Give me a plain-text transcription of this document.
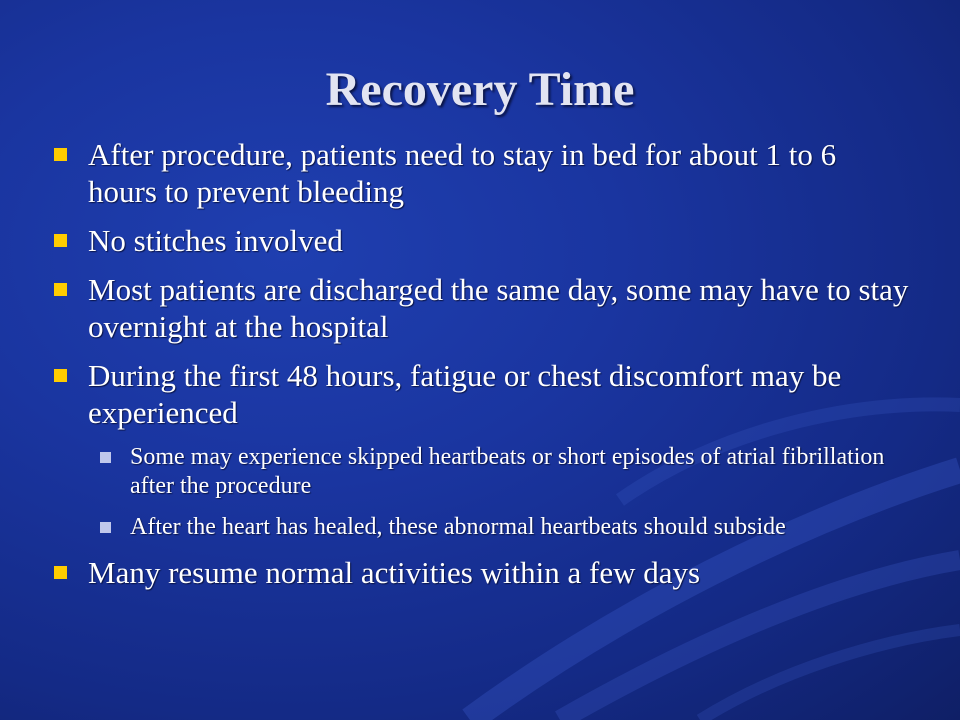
Recovery Time
After procedure, patients need to stay in bed for about 1 to 6 hours to prevent bleeding
No stitches involved
Most patients are discharged the same day, some may have to stay overnight at the hospital
During the first 48 hours, fatigue or chest discomfort may be experienced
Some may experience skipped heartbeats or short episodes of atrial fibrillation after the procedure
After the heart has healed, these abnormal heartbeats should subside
Many resume normal activities within a few days
